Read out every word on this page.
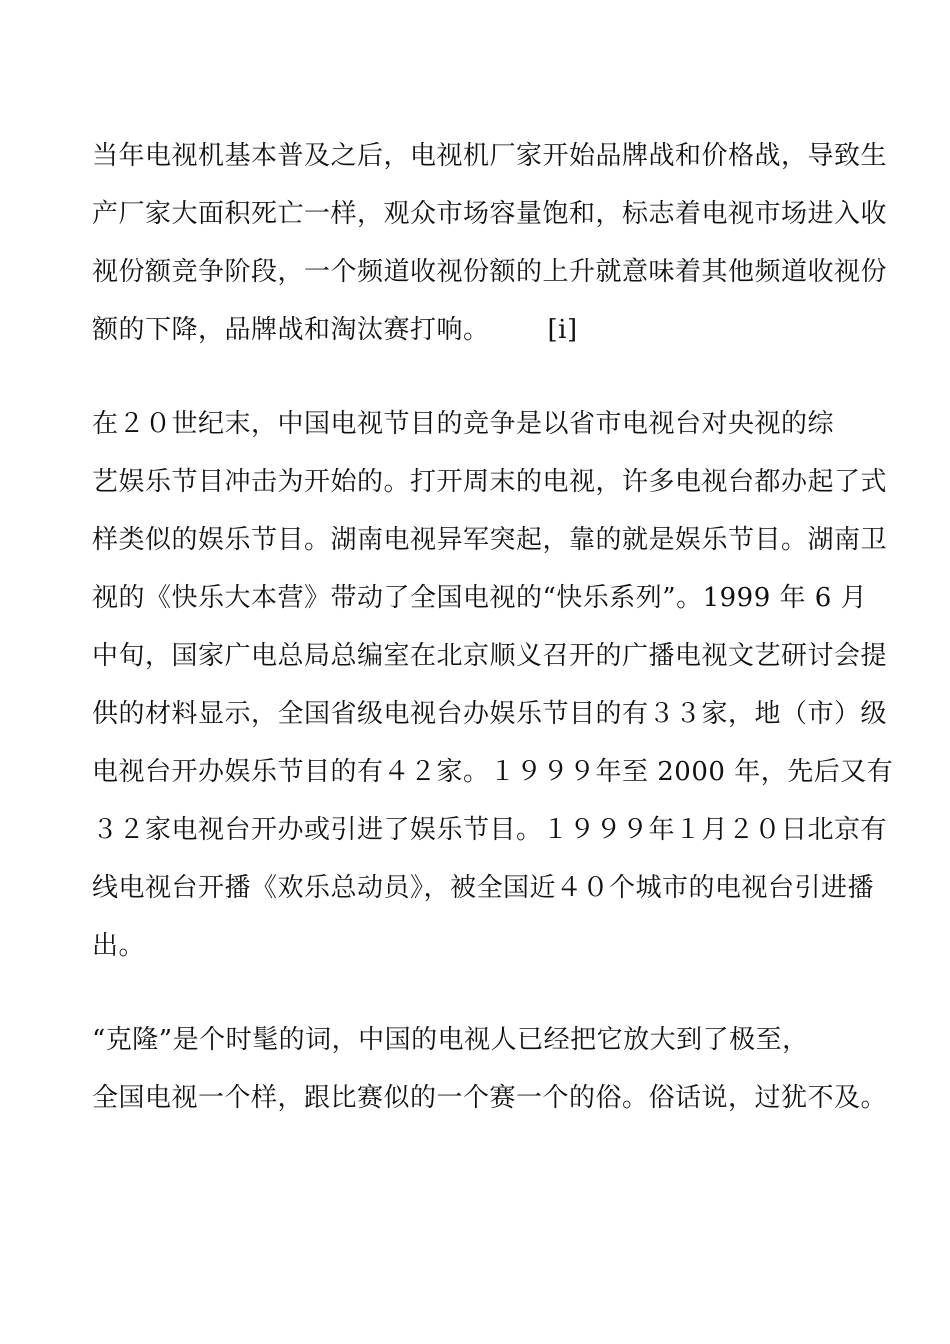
当年电视机基本普及之后，电视机厂家开始品牌战和价格战，导致生
产厂家大面积死亡一样，观众市场容量饱和，标志着电视市场进入收
视份额竞争阶段，一个频道收视份额的上升就意味着其他频道收视份
额的下降，品牌战和淘汰赛打响。 [i]
在２０世纪末，中国电视节目的竞争是以省市电视台对央视的综
艺娱乐节目冲击为开始的。打开周末的电视，许多电视台都办起了式
样类似的娱乐节目。湖南电视异军突起，靠的就是娱乐节目。湖南卫
视的《快乐大本营》带动了全国电视的“快乐系列”。1999 年 6 月
中旬，国家广电总局总编室在北京顺义召开的广播电视文艺研讨会提
供的材料显示，全国省级电视台办娱乐节目的有３３家，地（市）级
电视台开办娱乐节目的有４２家。１９９９年至 2000 年，先后又有
３２家电视台开办或引进了娱乐节目。１９９９年１月２０日北京有
线电视台开播《欢乐总动员》，被全国近４０个城市的电视台引进播
出。
“克隆”是个时髦的词，中国的电视人已经把它放大到了极至，
全国电视一个样，跟比赛似的一个赛一个的俗。俗话说，过犹不及。
